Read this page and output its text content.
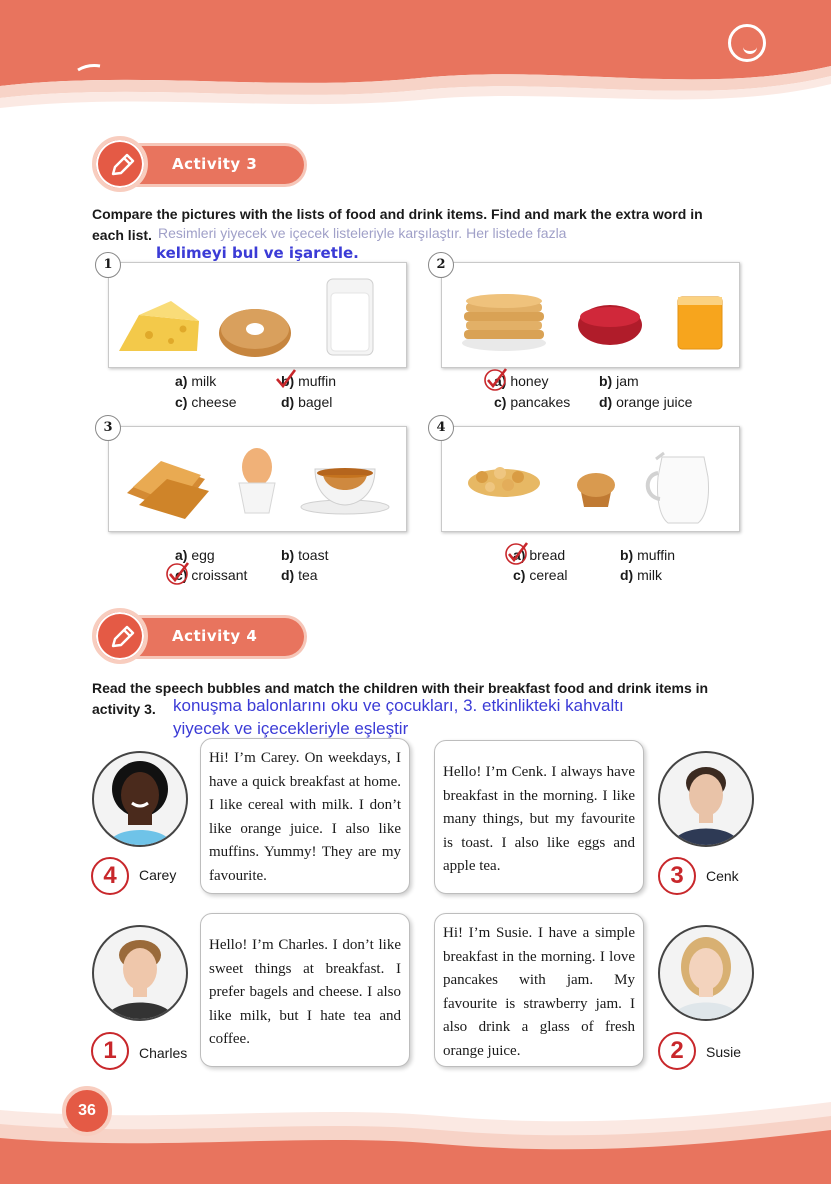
Activity 3
Compare the pictures with the lists of food and drink items. Find and mark the extra word in
each list. Resimleri yiyecek ve içecek listeleriyle karşılaştır. Her listede fazla
kelimeyi bul ve işaretle.
1
a) milk	b) muffin
c) cheese	d) bagel
2
a) honey	b) jam
c) pancakes d) orange juice
3
a) egg	b) toast
c) croissant d) tea
4
a) bread	b) muffin
c) cereal	d) milk
Activity 4
Read the speech bubbles and match the children with their breakfast food and drink items in
activity 3.	konuşma balonlarını oku ve çocukları, 3. etkinlikteki kahvaltı
yiyecek ve içecekleriyle eşleştir
4	Carey
Hi! I’m Carey. On weekdays, I have a quick breakfast at home. I like cereal with milk. I don’t like orange juice. I also like muffins. Yummy! They are my favourite.
Hello! I’m Cenk. I always have breakfast in the morning. I like many things, but my favourite is toast. I also like eggs and apple tea.	3	Cenk
1	Charles
Hello! I’m Charles. I don’t like sweet things at breakfast. I prefer bagels and cheese. I also like milk, but I hate tea and coffee.
Hi! I’m Susie. I have a simple breakfast in the morning. I love pancakes with jam. My favourite is strawberry jam. I also drink a glass of fresh orange juice.	2	Susie
36
